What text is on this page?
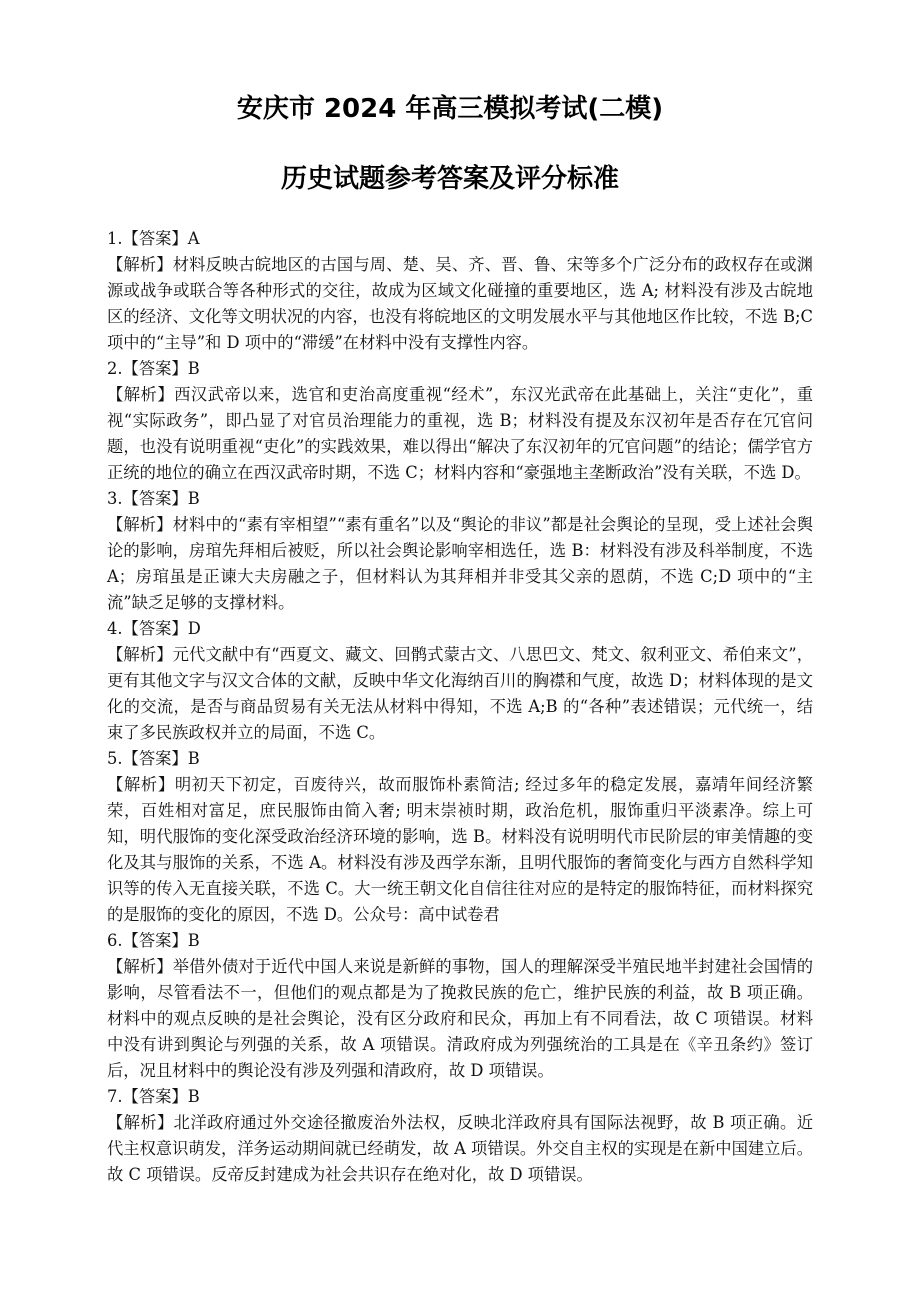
安庆市 2024 年高三模拟考试(二模)
历史试题参考答案及评分标准

1.【答案】A

【解析】材料反映古皖地区的古国与周、楚、吴、齐、晋、鲁、宋等多个广泛分布的政权存在或渊源或战争或联合等各种形式的交往，故成为区域文化碰撞的重要地区，选 A; 材料没有涉及古皖地区的经济、文化等文明状况的内容，也没有将皖地区的文明发展水平与其他地区作比较，不选 B;C 项中的“主导”和 D 项中的“滞缓”在材料中没有支撑性内容。

2.【答案】B

【解析】西汉武帝以来，选官和吏治高度重视“经术”，东汉光武帝在此基础上，关注“吏化”，重视“实际政务”，即凸显了对官员治理能力的重视，选 B；材料没有提及东汉初年是否存在冗官问题，也没有说明重视“吏化”的实践效果，难以得出“解决了东汉初年的冗官问题”的结论；儒学官方正统的地位的确立在西汉武帝时期，不选 C；材料内容和“豪强地主垄断政治”没有关联，不选 D。

3.【答案】B

【解析】材料中的“素有宰相望”“素有重名”以及“舆论的非议”都是社会舆论的呈现，受上述社会舆论的影响，房琯先拜相后被贬，所以社会舆论影响宰相选任，选 B：材料没有涉及科举制度，不选 A；房琯虽是正谏大夫房融之子，但材料认为其拜相并非受其父亲的恩荫，不选 C;D 项中的“主流”缺乏足够的支撑材料。

4.【答案】D

【解析】元代文献中有“西夏文、藏文、回鹘式蒙古文、八思巴文、梵文、叙利亚文、希伯来文”，更有其他文字与汉文合体的文献，反映中华文化海纳百川的胸襟和气度，故选 D；材料体现的是文化的交流，是否与商品贸易有关无法从材料中得知，不选 A;B 的“各种”表述错误；元代统一，结束了多民族政权并立的局面，不选 C。

5.【答案】B

【解析】明初天下初定，百废待兴，故而服饰朴素简洁; 经过多年的稳定发展，嘉靖年间经济繁荣，百姓相对富足，庶民服饰由简入奢; 明末崇祯时期，政治危机，服饰重归平淡素净。综上可知，明代服饰的变化深受政治经济环境的影响，选 B。材料没有说明明代市民阶层的审美情趣的变化及其与服饰的关系，不选 A。材料没有涉及西学东渐，且明代服饰的奢简变化与西方自然科学知识等的传入无直接关联，不选 C。大一统王朝文化自信往往对应的是特定的服饰特征，而材料探究的是服饰的变化的原因，不选 D。公众号：高中试卷君

6.【答案】B

【解析】举借外债对于近代中国人来说是新鲜的事物，国人的理解深受半殖民地半封建社会国情的影响，尽管看法不一，但他们的观点都是为了挽救民族的危亡，维护民族的利益，故 B 项正确。材料中的观点反映的是社会舆论，没有区分政府和民众，再加上有不同看法，故 C 项错误。材料中没有讲到舆论与列强的关系，故 A 项错误。清政府成为列强统治的工具是在《辛丑条约》签订后，况且材料中的舆论没有涉及列强和清政府，故 D 项错误。

7.【答案】B

【解析】北洋政府通过外交途径撤废治外法权，反映北洋政府具有国际法视野，故 B 项正确。近代主权意识萌发，洋务运动期间就已经萌发，故 A 项错误。外交自主权的实现是在新中国建立后。故 C 项错误。反帝反封建成为社会共识存在绝对化，故 D 项错误。
